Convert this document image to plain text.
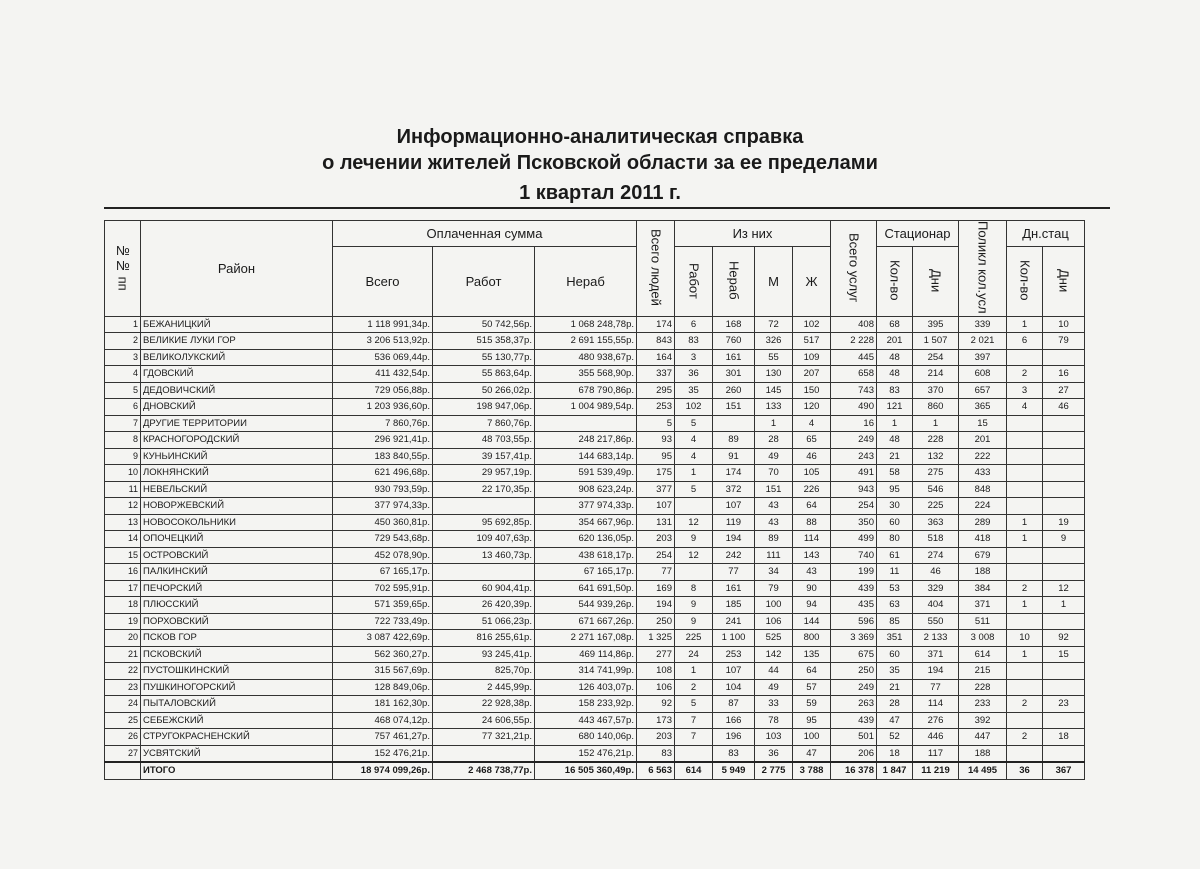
Информационно-аналитическая справка
о лечении жителей Псковской области за ее пределами
1 квартал 2011 г.
№№ пп	Район	Оплаченная сумма			Всего людей	Из них				Всего услуг	Стационар		Поликл кол.усл	Дн.стац	
		Всего	Работ	Нераб		Работ	Нераб	М	Ж		Кол-во	Дни		Кол-во	Дни
1	БЕЖАНИЦКИЙ	1 118 991,34р.	50 742,56р.	1 068 248,78р.	174	6	168	72	102	408	68	395	339	1	10
2	ВЕЛИКИЕ ЛУКИ ГОР	3 206 513,92р.	515 358,37р.	2 691 155,55р.	843	83	760	326	517	2 228	201	1 507	2 021	6	79
3	ВЕЛИКОЛУКСКИЙ	536 069,44р.	55 130,77р.	480 938,67р.	164	3	161	55	109	445	48	254	397		
4	ГДОВСКИЙ	411 432,54р.	55 863,64р.	355 568,90р.	337	36	301	130	207	658	48	214	608	2	16
5	ДЕДОВИЧСКИЙ	729 056,88р.	50 266,02р.	678 790,86р.	295	35	260	145	150	743	83	370	657	3	27
6	ДНОВСКИЙ	1 203 936,60р.	198 947,06р.	1 004 989,54р.	253	102	151	133	120	490	121	860	365	4	46
7	ДРУГИЕ ТЕРРИТОРИИ	7 860,76р.	7 860,76р.		5	5		1	4	16	1	1	15		
8	КРАСНОГОРОДСКИЙ	296 921,41р.	48 703,55р.	248 217,86р.	93	4	89	28	65	249	48	228	201		
9	КУНЬИНСКИЙ	183 840,55р.	39 157,41р.	144 683,14р.	95	4	91	49	46	243	21	132	222		
10	ЛОКНЯНСКИЙ	621 496,68р.	29 957,19р.	591 539,49р.	175	1	174	70	105	491	58	275	433		
11	НЕВЕЛЬСКИЙ	930 793,59р.	22 170,35р.	908 623,24р.	377	5	372	151	226	943	95	546	848		
12	НОВОРЖЕВСКИЙ	377 974,33р.		377 974,33р.	107		107	43	64	254	30	225	224		
13	НОВОСОКОЛЬНИКИ	450 360,81р.	95 692,85р.	354 667,96р.	131	12	119	43	88	350	60	363	289	1	19
14	ОПОЧЕЦКИЙ	729 543,68р.	109 407,63р.	620 136,05р.	203	9	194	89	114	499	80	518	418	1	9
15	ОСТРОВСКИЙ	452 078,90р.	13 460,73р.	438 618,17р.	254	12	242	111	143	740	61	274	679		
16	ПАЛКИНСКИЙ	67 165,17р.		67 165,17р.	77		77	34	43	199	11	46	188		
17	ПЕЧОРСКИЙ	702 595,91р.	60 904,41р.	641 691,50р.	169	8	161	79	90	439	53	329	384	2	12
18	ПЛЮССКИЙ	571 359,65р.	26 420,39р.	544 939,26р.	194	9	185	100	94	435	63	404	371	1	1
19	ПОРХОВСКИЙ	722 733,49р.	51 066,23р.	671 667,26р.	250	9	241	106	144	596	85	550	511		
20	ПСКОВ ГОР	3 087 422,69р.	816 255,61р.	2 271 167,08р.	1 325	225	1 100	525	800	3 369	351	2 133	3 008	10	92
21	ПСКОВСКИЙ	562 360,27р.	93 245,41р.	469 114,86р.	277	24	253	142	135	675	60	371	614	1	15
22	ПУСТОШКИНСКИЙ	315 567,69р.	825,70р.	314 741,99р.	108	1	107	44	64	250	35	194	215		
23	ПУШКИНОГОРСКИЙ	128 849,06р.	2 445,99р.	126 403,07р.	106	2	104	49	57	249	21	77	228		
24	ПЫТАЛОВСКИЙ	181 162,30р.	22 928,38р.	158 233,92р.	92	5	87	33	59	263	28	114	233	2	23
25	СЕБЕЖСКИЙ	468 074,12р.	24 606,55р.	443 467,57р.	173	7	166	78	95	439	47	276	392		
26	СТРУГОКРАСНЕНСКИЙ	757 461,27р.	77 321,21р.	680 140,06р.	203	7	196	103	100	501	52	446	447	2	18
27	УСВЯТСКИЙ	152 476,21р.		152 476,21р.	83		83	36	47	206	18	117	188		
	ИТОГО	18 974 099,26р.	2 468 738,77р.	16 505 360,49р.	6 563	614	5 949	2 775	3 788	16 378	1 847	11 219	14 495	36	367
